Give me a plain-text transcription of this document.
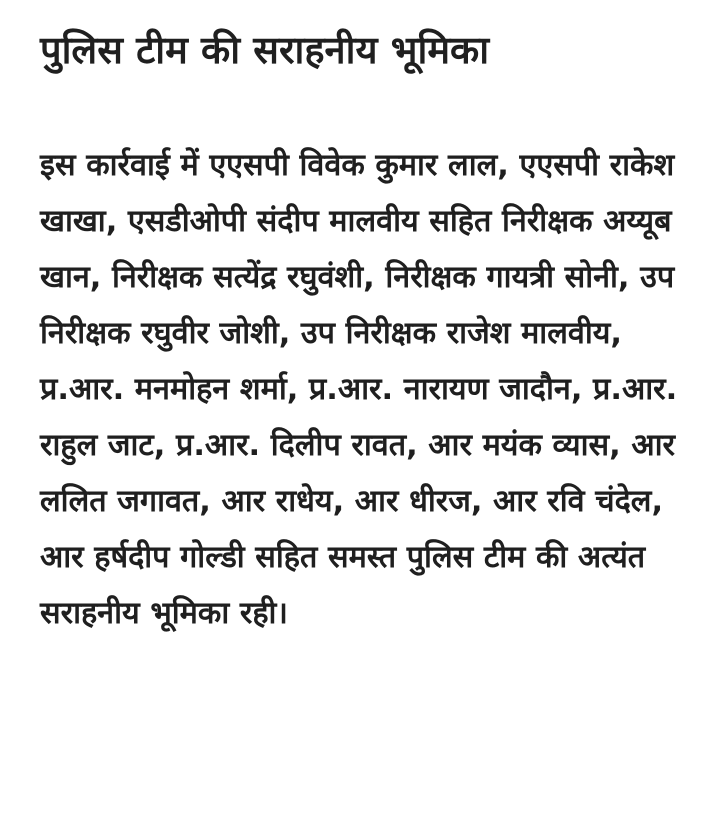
पुलिस टीम की सराहनीय भूमिका

इस कार्रवाई में एएसपी विवेक कुमार लाल, एएसपी राकेश खाखा, एसडीओपी संदीप मालवीय सहित निरीक्षक अय्यूब खान, निरीक्षक सत्येंद्र रघुवंशी, निरीक्षक गायत्री सोनी, उप निरीक्षक रघुवीर जोशी, उप निरीक्षक राजेश मालवीय, प्र.आर. मनमोहन शर्मा, प्र.आर. नारायण जादौन, प्र.आर. राहुल जाट, प्र.आर. दिलीप रावत, आर मयंक व्यास, आर ललित जगावत, आर राधेय, आर धीरज, आर रवि चंदेल, आर हर्षदीप गोल्डी सहित समस्त पुलिस टीम की अत्यंत सराहनीय भूमिका रही।
